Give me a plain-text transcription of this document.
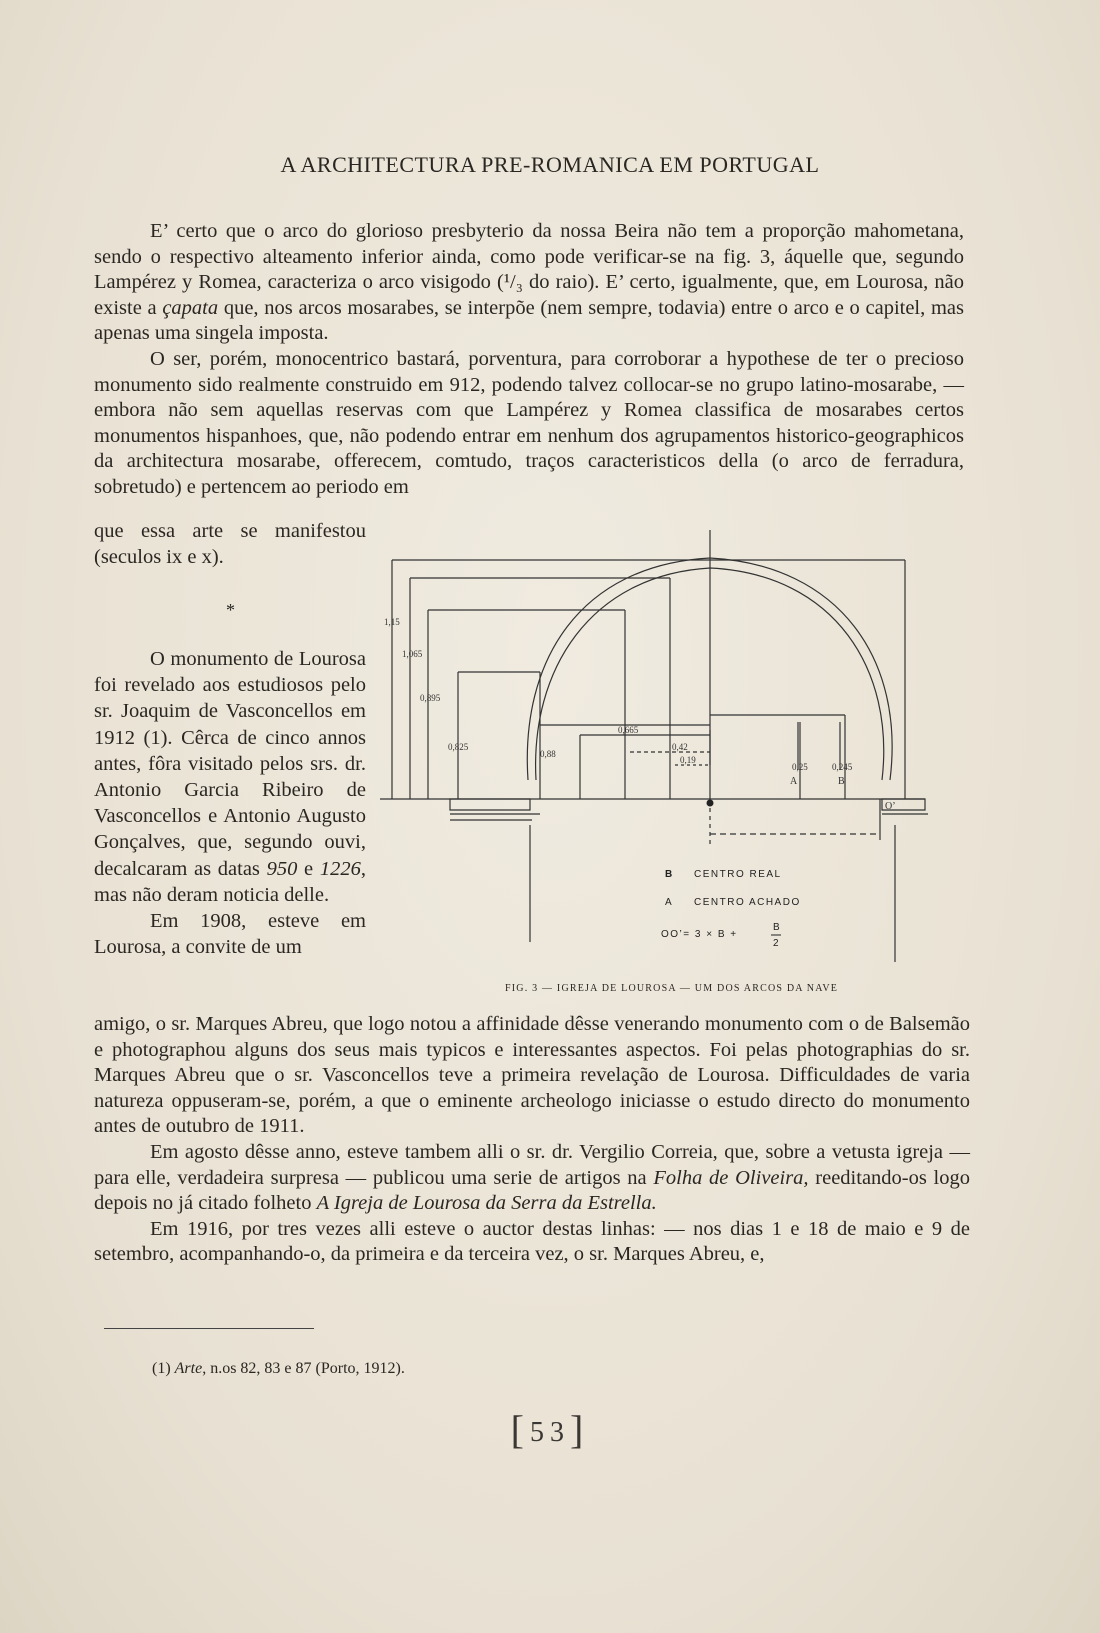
A ARCHITECTURA PRE-ROMANICA EM PORTUGAL

E’ certo que o arco do glorioso presbyterio da nossa Beira não tem a proporção mahometana, sendo o respectivo alteamento inferior ainda, como pode verificar-se na fig. 3, áquelle que, segundo Lampérez y Romea, caracteriza o arco visigodo (¹/₃ do raio). E’ certo, igualmente, que, em Lourosa, não existe a çapata que, nos arcos mosarabes, se interpõe (nem sempre, todavia) entre o arco e o capitel, mas apenas uma singela imposta.

O ser, porém, monocentrico bastará, porventura, para corroborar a hypothese de ter o precioso monumento sido realmente construido em 912, podendo talvez collocar-se no grupo latino-mosarabe, — embora não sem aquellas reservas com que Lampérez y Romea classifica de mosarabes certos monumentos hispanhoes, que, não podendo entrar em nenhum dos agrupamentos historico-geographicos da architectura mosarabe, offerecem, comtudo, traços caracteristicos della (o arco de ferradura, sobretudo) e pertencem ao periodo em

que essa arte se manifestou (seculos ix e x).

*

O monumento de Lourosa foi revelado aos estudiosos pelo sr. Joaquim de Vasconcellos em 1912 (1). Cêrca de cinco annos antes, fôra visitado pelos srs. dr. Antonio Garcia Ribeiro de Vasconcellos e Antonio Augusto Gonçalves, que, segundo ouvi, decalcaram as datas 950 e 1226, mas não deram noticia delle.

Em 1908, esteve em Lourosa, a convite de um

1,15
1,065
0,895
0,825
0,88
0,665
0,42
0,19
0,25	0,245
A	B
O’
B CENTRO REAL
A CENTRO ACHADO
OO’= 3 × B +
B
2
FIG. 3 — IGREJA DE LOUROSA — UM DOS ARCOS DA NAVE

amigo, o sr. Marques Abreu, que logo notou a affinidade dêsse venerando monumento com o de Balsemão e photographou alguns dos seus mais typicos e interessantes aspectos. Foi pelas photographias do sr. Marques Abreu que o sr. Vasconcellos teve a primeira revelação de Lourosa. Difficuldades de varia natureza oppuseram-se, porém, a que o eminente archeologo iniciasse o estudo directo do monumento antes de outubro de 1911.

Em agosto dêsse anno, esteve tambem alli o sr. dr. Vergilio Correia, que, sobre a vetusta igreja — para elle, verdadeira surpresa — publicou uma serie de artigos na Folha de Oliveira, reeditando-os logo depois no já citado folheto A Igreja de Lourosa da Serra da Estrella.

Em 1916, por tres vezes alli esteve o auctor destas linhas: — nos dias 1 e 18 de maio e 9 de setembro, acompanhando-o, da primeira e da terceira vez, o sr. Marques Abreu, e,

(1) Arte, n.os 82, 83 e 87 (Porto, 1912).
[53]
